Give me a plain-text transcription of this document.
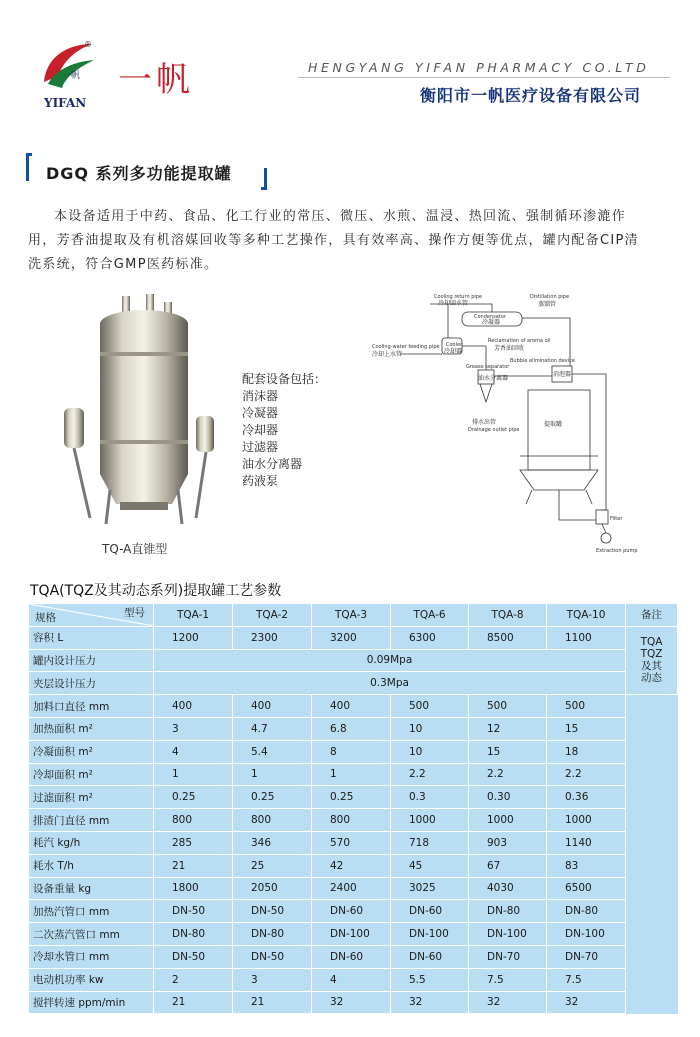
一帆
®
YIFAN
一帆	HENGYANG YIFAN PHARMACY CO.LTD
衡阳市一帆医疗设备有限公司
DGQ 系列多功能提取罐
本设备适用于中药、食品、化工行业的常压、微压、水煎、温浸、热回流、强制循环渗漉作用，芳香油提取及有机溶媒回收等多种工艺操作，具有效率高、操作方便等优点，罐内配备CIP清洗系统，符合GMP医药标准。
TQ-A直锥型
配套设备包括：
消沫器
冷凝器
冷却器
过滤器
油水分离器
药液泵
Cooling return pipe
冷却回水管
Distillation pipe
蒸馏管
Condensator
冷凝器
Cooling-water feeding pipe
冷却上水管
Cooler
冷却器
Reclamation of aroma oil
芳香油回收
Grease separator
油水分离器
Bubble elimination device
消泡器
排水出管
Drainage outlet pipe
提取罐
Filter
Extraction pump
TQA(TQZ及其动态系列)提取罐工艺参数
型号
规格	TQA-1	TQA-2	TQA-3	TQA-6	TQA-8	TQA-10	备注
容积 L	1200	2300	3200	6300	8500	1100	TQA
TQZ
及其
动态

罐内设计压力	0.09Mpa						
夹层设计压力	0.3Mpa						
加料口直径 mm	400	400	400	500	500	500	
加热面积 m²	3	4.7	6.8	10	12	15	
冷凝面积 m²	4	5.4	8	10	15	18	
冷却面积 m²	1	1	1	2.2	2.2	2.2	
过滤面积 m²	0.25	0.25	0.25	0.3	0.30	0.36	
排渣门直径 mm	800	800	800	1000	1000	1000	
耗汽 kg/h	285	346	570	718	903	1140	
耗水 T/h	21	25	42	45	67	83	
设备重量 kg	1800	2050	2400	3025	4030	6500	
加热汽管口 mm	DN-50	DN-50	DN-60	DN-60	DN-80	DN-80	
二次蒸汽管口 mm	DN-80	DN-80	DN-100	DN-100	DN-100	DN-100	
冷却水管口 mm	DN-50	DN-50	DN-60	DN-60	DN-70	DN-70	
电动机功率 kw	2	3	4	5.5	7.5	7.5	
搅拌转速 ppm/min	21	21	32	32	32	32	
